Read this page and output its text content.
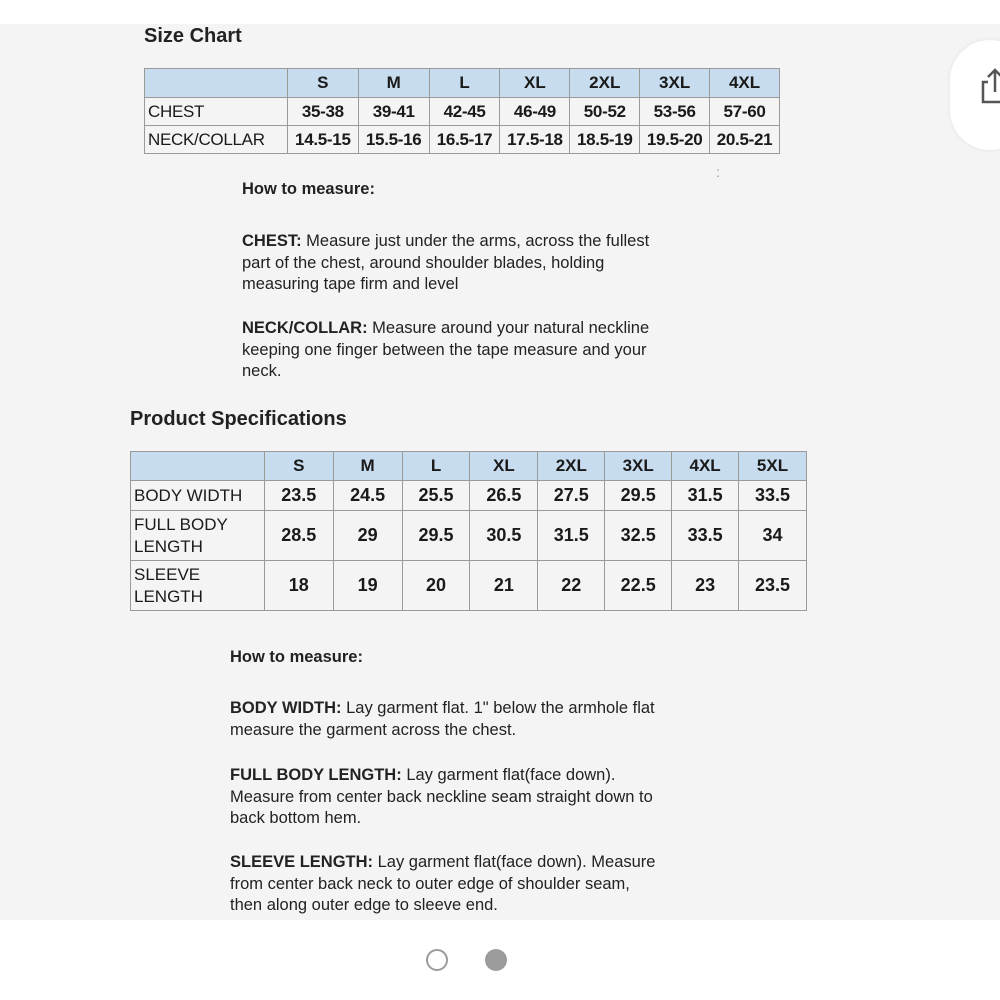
Size Chart
	S	M	L	XL	2XL	3XL	4XL
CHEST	35-38	39-41	42-45	46-49	50-52	53-56	57-60
NECK/COLLAR	14.5-15	15.5-16	16.5-17	17.5-18	18.5-19	19.5-20	20.5-21
:

How to measure:

CHEST: Measure just under the arms, across the fullest
part of the chest, around shoulder blades, holding
measuring tape firm and level

NECK/COLLAR: Measure around your natural neckline
keeping one finger between the tape measure and your
neck.

Product Specifications
	S	M	L	XL	2XL	3XL	4XL	5XL
BODY WIDTH	23.5	24.5	25.5	26.5	27.5	29.5	31.5	33.5
FULL BODY
LENGTH	28.5	29	29.5	30.5	31.5	32.5	33.5	34
SLEEVE
LENGTH	18	19	20	21	22	22.5	23	23.5

How to measure:

BODY WIDTH: Lay garment flat. 1" below the armhole flat
measure the garment across the chest.

FULL BODY LENGTH: Lay garment flat(face down).
Measure from center back neckline seam straight down to
back bottom hem.

SLEEVE LENGTH: Lay garment flat(face down). Measure
from center back neck to outer edge of shoulder seam,
then along outer edge to sleeve end.
